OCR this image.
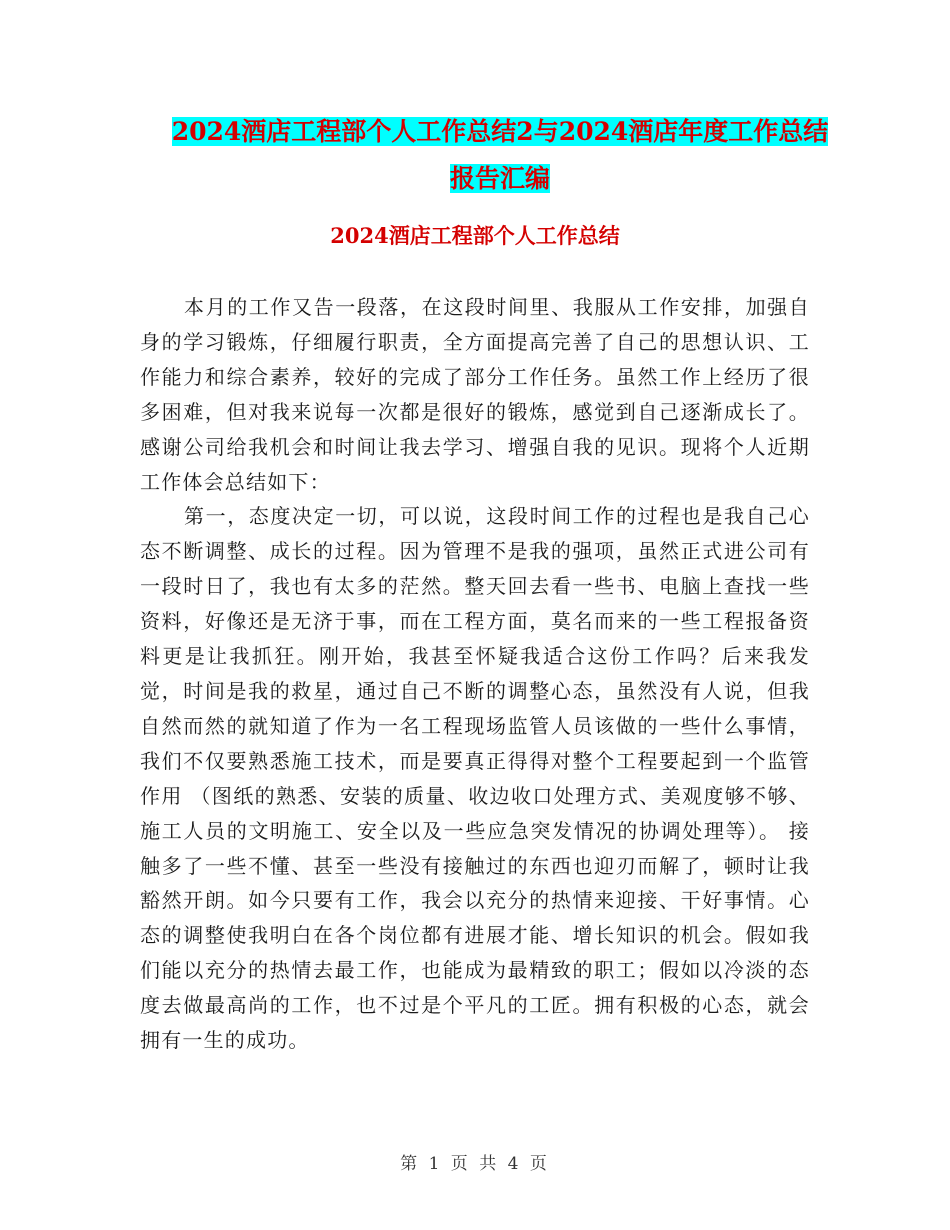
2024酒店工程部个人工作总结2与2024酒店年度工作总结报告汇编
2024酒店工程部个人工作总结

本月的工作又告一段落，在这段时间里、我服从工作安排，加强自身的学习锻炼，仔细履行职责，全方面提高完善了自己的思想认识、工作能力和综合素养，较好的完成了部分工作任务。虽然工作上经历了很多困难，但对我来说每一次都是很好的锻炼，感觉到自己逐渐成长了。感谢公司给我机会和时间让我去学习、增强自我的见识。现将个人近期工作体会总结如下：

第一，态度决定一切，可以说，这段时间工作的过程也是我自己心态不断调整、成长的过程。因为管理不是我的强项，虽然正式进公司有一段时日了，我也有太多的茫然。整天回去看一些书、电脑上查找一些资料，好像还是无济于事，而在工程方面，莫名而来的一些工程报备资料更是让我抓狂。刚开始，我甚至怀疑我适合这份工作吗？后来我发觉，时间是我的救星，通过自己不断的调整心态，虽然没有人说，但我自然而然的就知道了作为一名工程现场监管人员该做的一些什么事情，我们不仅要熟悉施工技术，而是要真正得得对整个工程要起到一个监管作用 （图纸的熟悉、安装的质量、收边收口处理方式、美观度够不够、施工人员的文明施工、安全以及一些应急突发情况的协调处理等）。 接触多了一些不懂、甚至一些没有接触过的东西也迎刃而解了，顿时让我豁然开朗。如今只要有工作，我会以充分的热情来迎接、干好事情。心态的调整使我明白在各个岗位都有进展才能、增长知识的机会。假如我们能以充分的热情去最工作，也能成为最精致的职工；假如以冷淡的态度去做最高尚的工作，也不过是个平凡的工匠。拥有积极的心态，就会拥有一生的成功。

第 1 页 共 4 页
